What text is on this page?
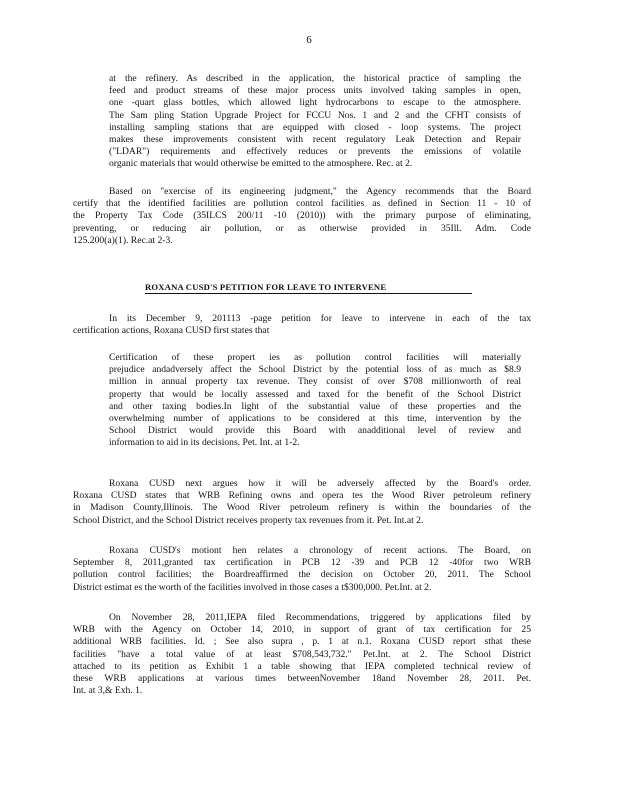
6
at the refinery. As described in the application, the historical practice of sampling the
feed and product streams of these major process units involved taking samples in open,
one -quart glass bottles, which allowed light hydrocarbons to escape to the atmosphere.
The Sam pling Station Upgrade Project for FCCU Nos. 1 and 2 and the CFHT consists of
installing sampling stations that are equipped with closed - loop systems. The project
makes these improvements consistent with recent regulatory Leak Detection and Repair
("LDAR") requirements and effectively reduces or prevents the emissions of volatile
organic materials that would otherwise be emitted to the atmosphere. Rec. at 2.
Based on "exercise of its engineering judgment," the Agency recommends that the Board
certify that the identified facilities are pollution control facilities as defined in Section 11 - 10 of
the Property Tax Code (35ILCS 200/11 -10 (2010)) with the primary purpose of eliminating,
preventing, or reducing air pollution, or as otherwise provided in 35Ill. Adm. Code
125.200(a)(1). Rec.at 2-3.
ROXANA CUSD'S PETITION FOR LEAVE TO INTERVENE
In its December 9, 201113 -page petition for leave to intervene in each of the tax
certification actions, Roxana CUSD first states that
Certification of these propert ies as pollution control facilities will materially
prejudice andadversely affect the School District by the potential loss of as much as $8.9
million in annual property tax revenue. They consist of over $708 millionworth of real
property that would be locally assessed and taxed for the benefit of the School District
and other taxing bodies.In light of the substantial value of these properties and the
overwhelming number of applications to be considered at this time, intervention by the
School District would provide this Board with anadditional level of review and
information to aid in its decisions. Pet. Int. at 1-2.
Roxana CUSD next argues how it will be adversely affected by the Board's order.
Roxana CUSD states that WRB Refining owns and opera tes the Wood River petroleum refinery
in Madison County,Illinois. The Wood River petroleum refinery is within the boundaries of the
School District, and the School District receives property tax revenues from it. Pet. Int.at 2.
Roxana CUSD's motiont hen relates a chronology of recent actions. The Board, on
September 8, 2011,granted tax certification in PCB 12 -39 and PCB 12 -40for two WRB
pollution control facilities; the Boardreaffirmed the decision on October 20, 2011. The School
District estimat es the worth of the facilities involved in those cases a t$300,000. Pet.Int. at 2.
On November 28, 2011,IEPA filed Recommendations, triggered by applications filed by
WRB with the Agency on October 14, 2010, in support of grant of tax certification for 25
additional WRB facilities. Id. ; See also supra , p. 1 at n.1. Roxana CUSD report sthat these
facilities "have a total value of at least $708,543,732." Pet.Int. at 2. The School District
attached to its petition as Exhibit 1 a table showing that IEPA completed technical review of
these WRB applications at various times betweenNovember 18and November 28, 2011. Pet.
Int. at 3,& Exh. 1.
